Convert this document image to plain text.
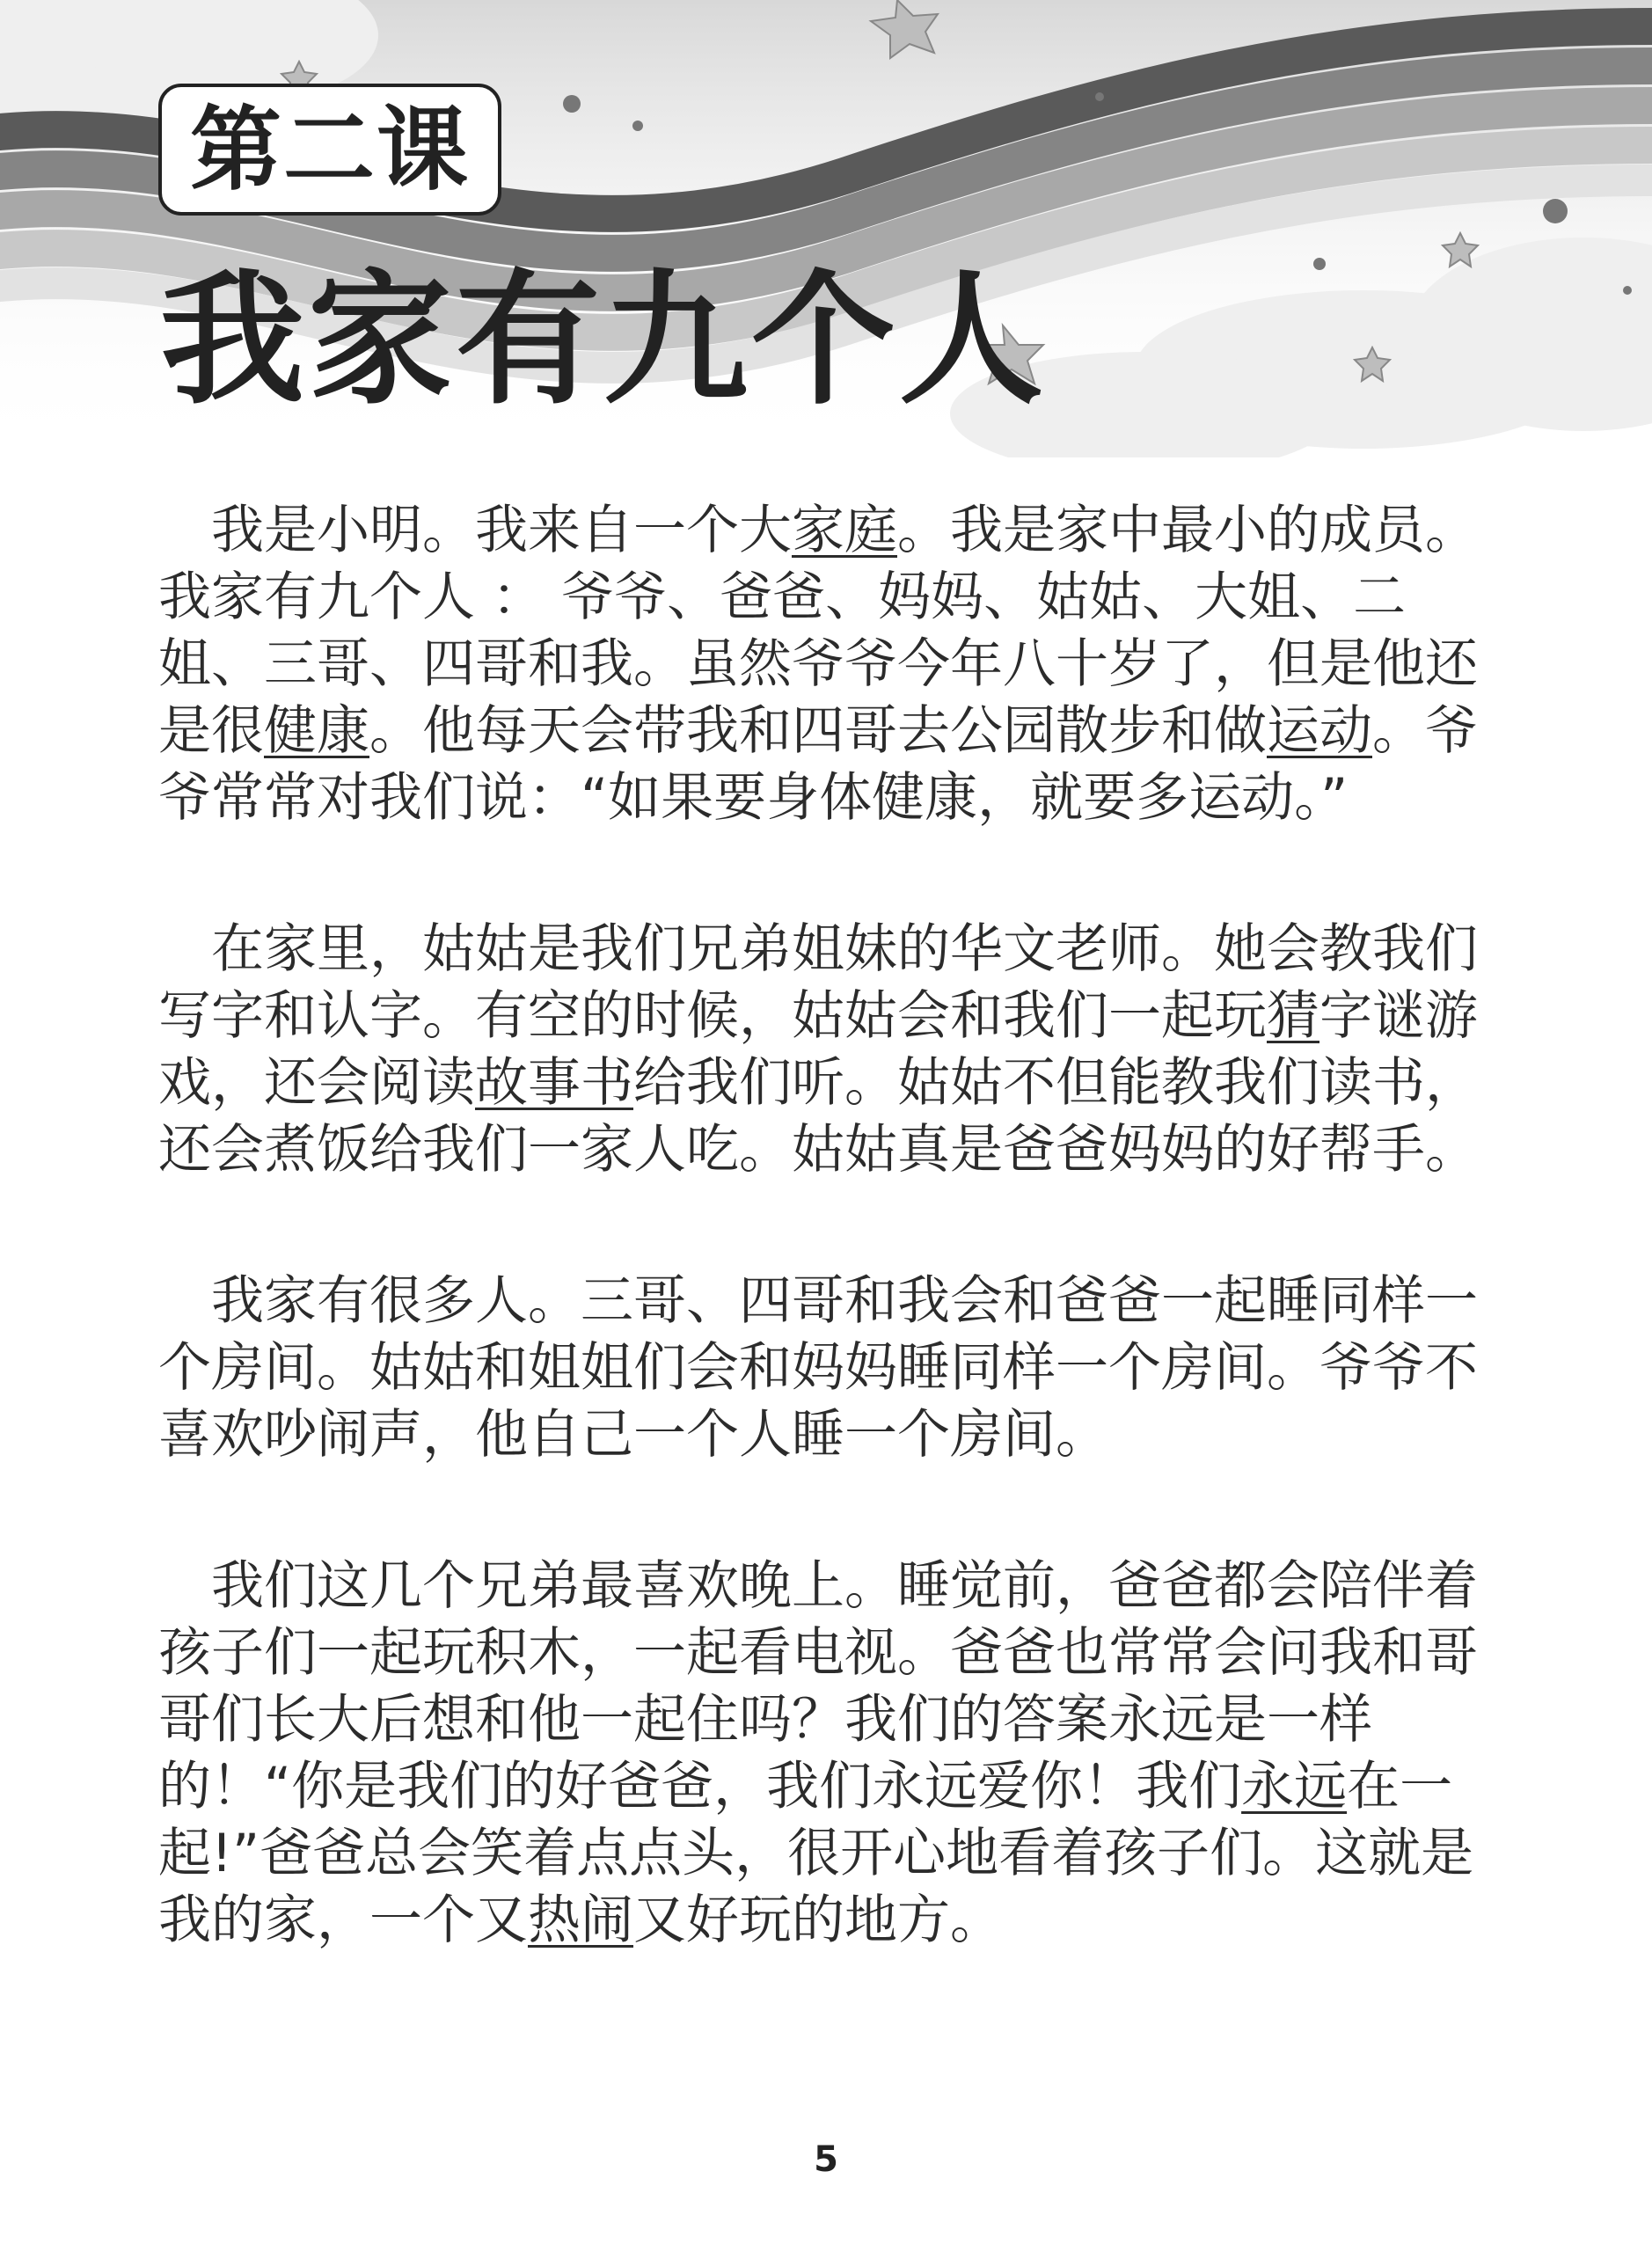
第二课
我家有九个人

我是小明。我来自一个大家庭。我是家中最小的成员。我家有九个人 ： 爷爷、爸爸、妈妈、姑姑、大姐、二姐、三哥、四哥和我。虽然爷爷今年八十岁了，但是他还是很健康。他每天会带我和四哥去公园散步和做运动。爷爷常常对我们说：“如果要身体健康，就要多运动。”

在家里，姑姑是我们兄弟姐妹的华文老师。她会教我们写字和认字。有空的时候，姑姑会和我们一起玩猜字谜游戏，还会阅读故事书给我们听。姑姑不但能教我们读书，还会煮饭给我们一家人吃。姑姑真是爸爸妈妈的好帮手。

我家有很多人。三哥、四哥和我会和爸爸一起睡同样一个房间。姑姑和姐姐们会和妈妈睡同样一个房间。爷爷不喜欢吵闹声，他自己一个人睡一个房间。

我们这几个兄弟最喜欢晚上。睡觉前，爸爸都会陪伴着孩子们一起玩积木，一起看电视。爸爸也常常会问我和哥哥们长大后想和他一起住吗？我们的答案永远是一样的！“你是我们的好爸爸，我们永远爱你！我们永远在一起!”爸爸总会笑着点点头，很开心地看着孩子们。这就是我的家，一个又热闹又好玩的地方。

5
